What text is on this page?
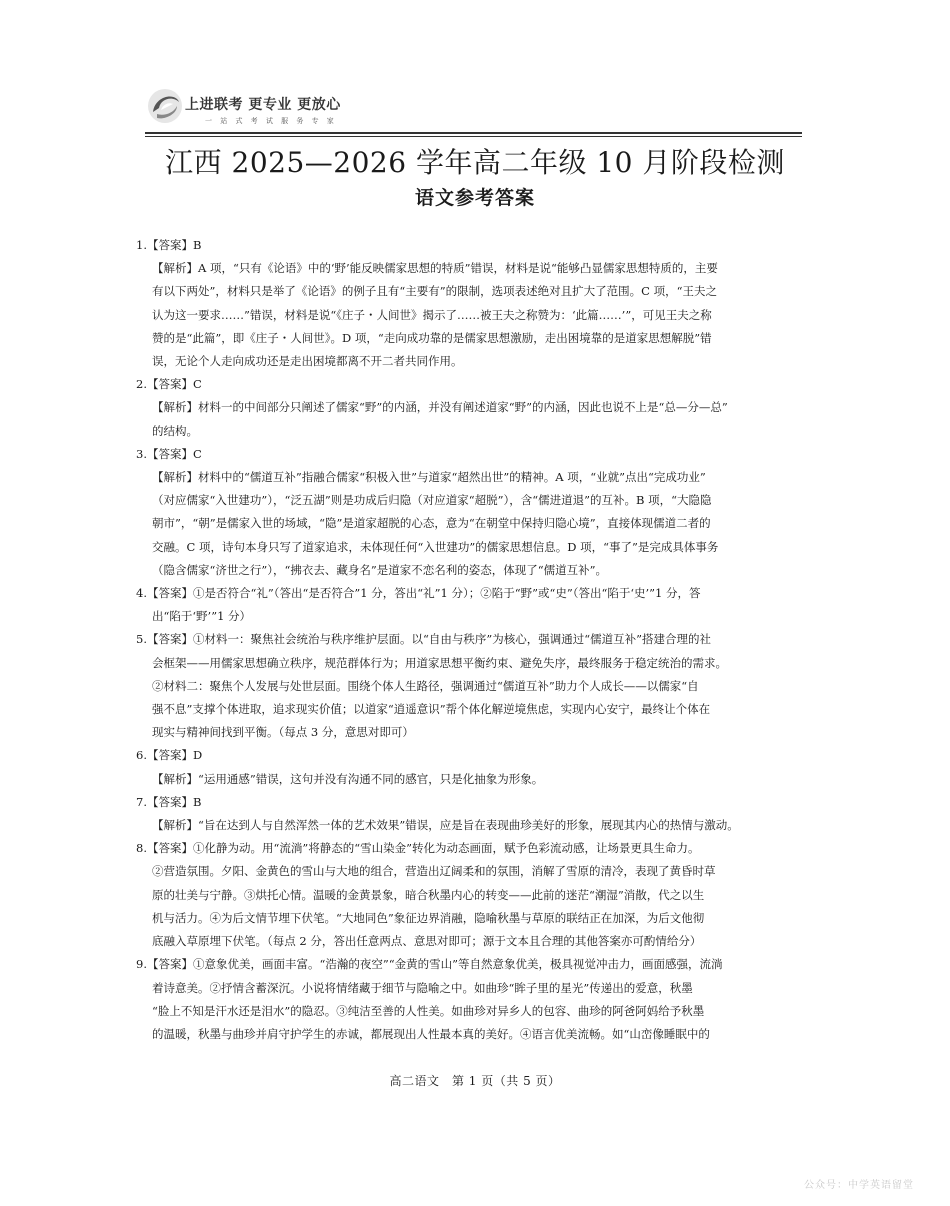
上进联考 更专业 更放心
一 站 式 考 试 服 务 专 家
江西 2025—2026 学年高二年级 10 月阶段检测
语文参考答案

1.【答案】B

【解析】A 项，“只有《论语》中的‘野’能反映儒家思想的特质”错误，材料是说“能够凸显儒家思想特质的，主要

有以下两处”，材料只是举了《论语》的例子且有“主要有”的限制，选项表述绝对且扩大了范围。C 项，“王夫之

认为这一要求……”错误，材料是说“《庄子・人间世》揭示了……被王夫之称赞为：‘此篇……’”，可见王夫之称

赞的是“此篇”，即《庄子・人间世》。D 项，“走向成功靠的是儒家思想激励，走出困境靠的是道家思想解脱”错

误，无论个人走向成功还是走出困境都离不开二者共同作用。

2.【答案】C

【解析】材料一的中间部分只阐述了儒家“野”的内涵，并没有阐述道家“野”的内涵，因此也说不上是“总—分—总”

的结构。

3.【答案】C

【解析】材料中的“儒道互补”指融合儒家“积极入世”与道家“超然出世”的精神。A 项，“业就”点出“完成功业”

（对应儒家“入世建功”），“泛五湖”则是功成后归隐（对应道家“超脱”），含“儒进道退”的互补。B 项，“大隐隐

朝市”，“朝”是儒家入世的场域，“隐”是道家超脱的心态，意为“在朝堂中保持归隐心境”，直接体现儒道二者的

交融。C 项，诗句本身只写了道家追求，未体现任何“入世建功”的儒家思想信息。D 项，“事了”是完成具体事务

（隐含儒家“济世之行”），“拂衣去、藏身名”是道家不恋名利的姿态，体现了“儒道互补”。

4.【答案】①是否符合“礼”（答出“是否符合”1 分，答出“礼”1 分）；②陷于“野”或“史”（答出“陷于‘史’”1 分，答

出“陷于‘野’”1 分）

5.【答案】①材料一：聚焦社会统治与秩序维护层面。以“自由与秩序”为核心，强调通过“儒道互补”搭建合理的社

会框架——用儒家思想确立秩序，规范群体行为；用道家思想平衡约束、避免失序，最终服务于稳定统治的需求。

②材料二：聚焦个人发展与处世层面。围绕个体人生路径，强调通过“儒道互补”助力个人成长——以儒家“自

强不息”支撑个体进取，追求现实价值；以道家“逍遥意识”帮个体化解逆境焦虑，实现内心安宁，最终让个体在

现实与精神间找到平衡。（每点 3 分，意思对即可）

6.【答案】D

【解析】“运用通感”错误，这句并没有沟通不同的感官，只是化抽象为形象。

7.【答案】B

【解析】“旨在达到人与自然浑然一体的艺术效果”错误，应是旨在表现曲珍美好的形象，展现其内心的热情与激动。

8.【答案】①化静为动。用“流淌”将静态的“雪山染金”转化为动态画面，赋予色彩流动感，让场景更具生命力。

②营造氛围。夕阳、金黄色的雪山与大地的组合，营造出辽阔柔和的氛围，消解了雪原的清冷，表现了黄昏时草

原的壮美与宁静。③烘托心情。温暖的金黄景象，暗合秋墨内心的转变——此前的迷茫“潮湿”消散，代之以生

机与活力。④为后文情节埋下伏笔。“大地同色”象征边界消融，隐喻秋墨与草原的联结正在加深，为后文他彻

底融入草原埋下伏笔。（每点 2 分，答出任意两点、意思对即可；源于文本且合理的其他答案亦可酌情给分）

9.【答案】①意象优美，画面丰富。“浩瀚的夜空”“金黄的雪山”等自然意象优美，极具视觉冲击力，画面感强，流淌

着诗意美。②抒情含蓄深沉。小说将情绪藏于细节与隐喻之中。如曲珍“眸子里的星光”传递出的爱意，秋墨

“脸上不知是汗水还是泪水”的隐忍。③纯洁至善的人性美。如曲珍对异乡人的包容、曲珍的阿爸阿妈给予秋墨

的温暖，秋墨与曲珍并肩守护学生的赤诚，都展现出人性最本真的美好。④语言优美流畅。如“山峦像睡眠中的

高二语文　第 1 页（共 5 页）
公众号：中学英语留堂
